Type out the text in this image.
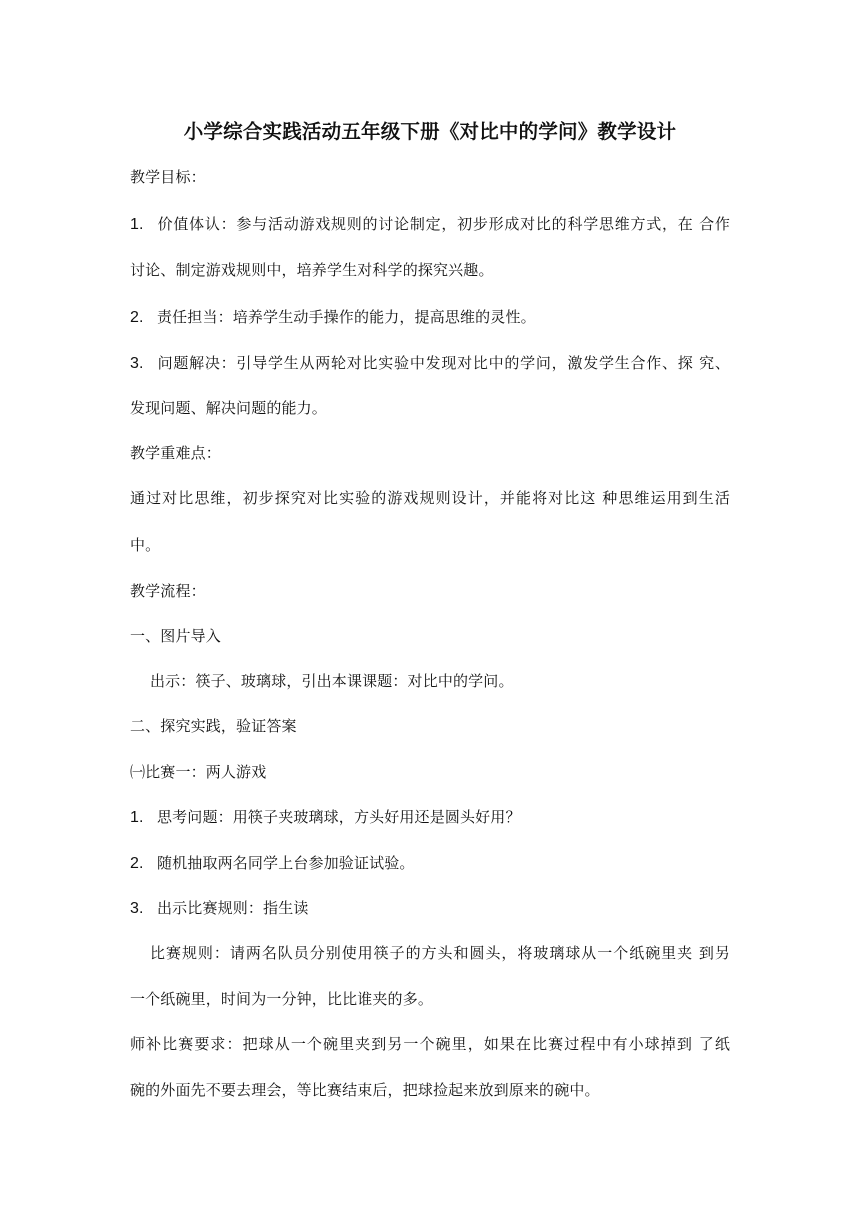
小学综合实践活动五年级下册《对比中的学问》教学设计
教学目标：
1. 价值体认：参与活动游戏规则的讨论制定，初步形成对比的科学思维方式，在 合作
讨论、制定游戏规则中，培养学生对科学的探究兴趣。
2. 责任担当：培养学生动手操作的能力，提高思维的灵性。
3. 问题解决：引导学生从两轮对比实验中发现对比中的学问，激发学生合作、探 究、
发现问题、解决问题的能力。
教学重难点：
通过对比思维，初步探究对比实验的游戏规则设计，并能将对比这 种思维运用到生活
中。
教学流程：
一、图片导入
出示：筷子、玻璃球，引出本课课题：对比中的学问。
二、探究实践，验证答案
㈠比赛一：两人游戏
1. 思考问题：用筷子夹玻璃球，方头好用还是圆头好用？
2. 随机抽取两名同学上台参加验证试验。
3. 出示比赛规则：指生读
比赛规则：请两名队员分别使用筷子的方头和圆头，将玻璃球从一个纸碗里夹 到另
一个纸碗里，时间为一分钟，比比谁夹的多。
师补比赛要求：把球从一个碗里夹到另一个碗里，如果在比赛过程中有小球掉到 了纸
碗的外面先不要去理会，等比赛结束后，把球捡起来放到原来的碗中。
